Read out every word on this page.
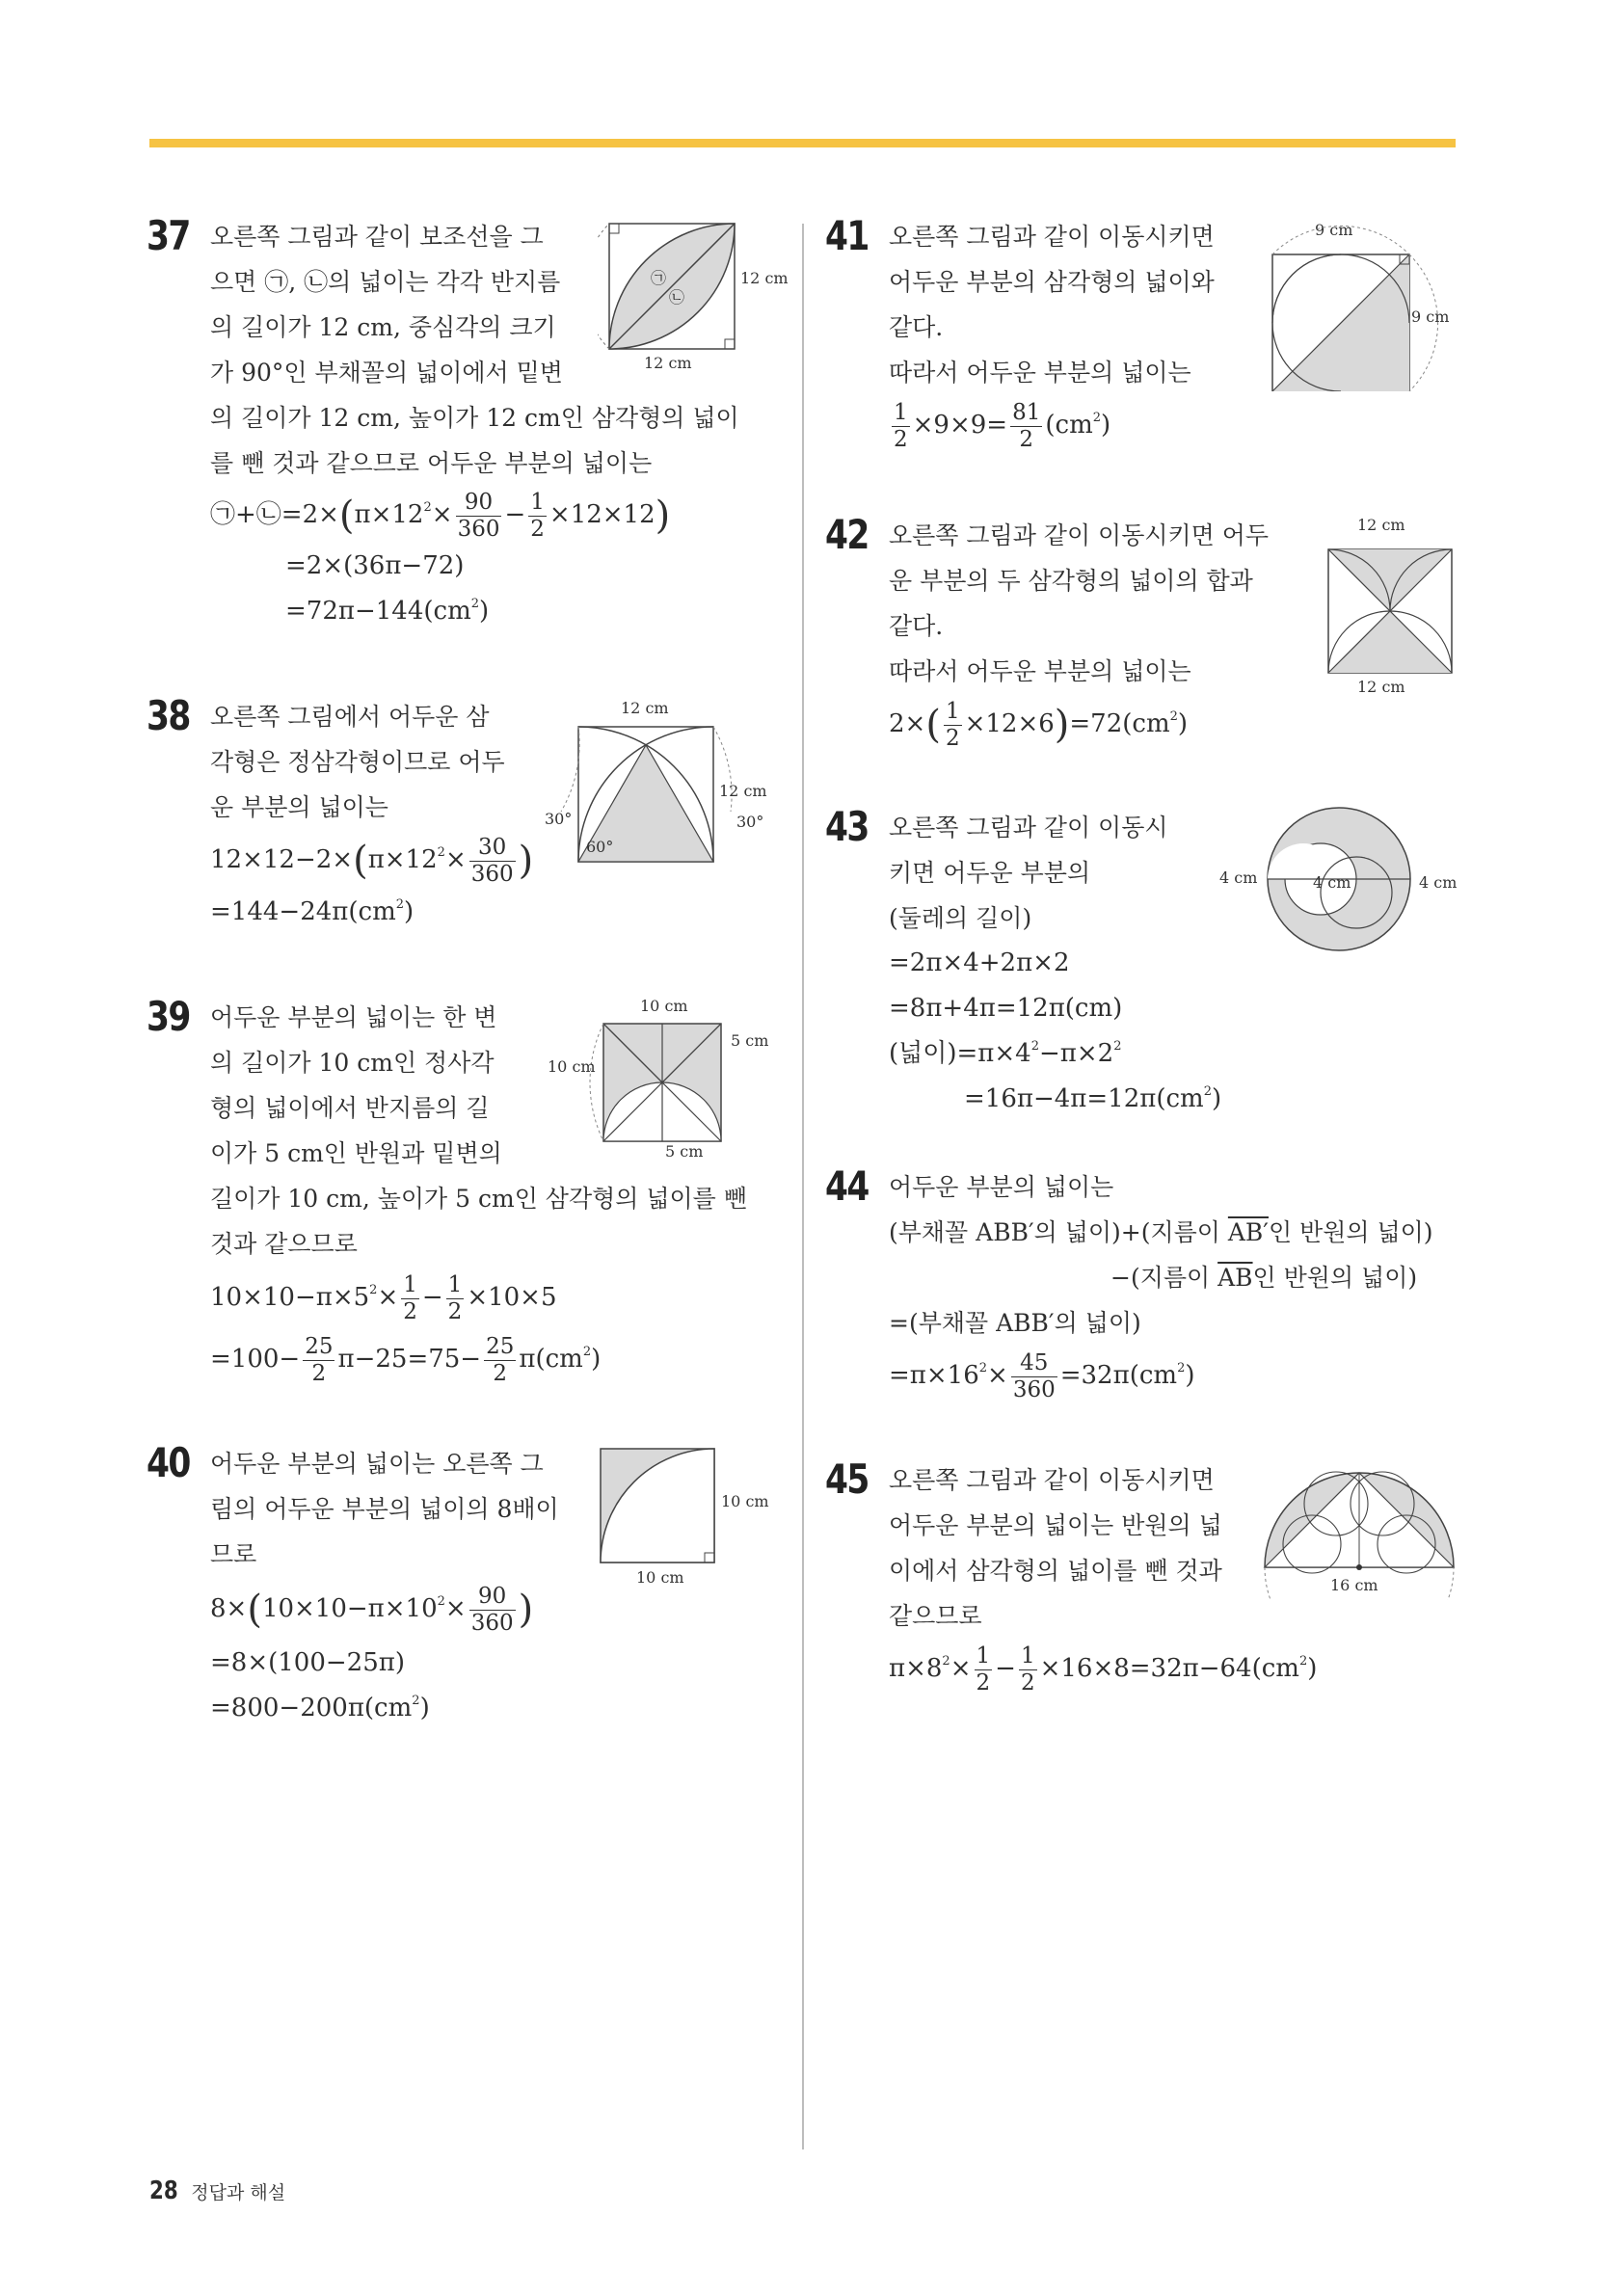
37 오른쪽 그림과 같이 보조선을 그
으면 ㉠, ㉡의 넓이는 각각 반지름
의 길이가 12 cm, 중심각의 크기
가 90°인 부채꼴의 넓이에서 밑변
의 길이가 12 cm, 높이가 12 cm인 삼각형의 넓이
를 뺀 것과 같으므로 어두운 부분의 넓이는
$㉠+㉡=2\times(\pi\times 12^2\times \frac{90}{360} - \frac{1}{2} \times 12\times 12)$
=2×(36π−72)
$=72\pi-144(cm^2)$
㉠
㉡
12 cm
12 cm
38 오른쪽 그림에서 어두운 삼
각형은 정삼각형이므로 어두
운 부분의 넓이는
$12\times 12-2\times(\pi\times 12^2\times \frac{30}{360}$ )
$=144-24\pi(cm^2)$
12 cm
12 cm
30°	30°
60°
39 어두운 부분의 넓이는 한 변
의 길이가 10 cm인 정사각
형의 넓이에서 반지름의 길
이가 5 cm인 반원과 밑변의
길이가 10 cm, 높이가 5 cm인 삼각형의 넓이를 뺀
것과 같으므로
$10\times 10-\pi\times 5^2\times \frac{1}{2} - \frac{1}{2} \times 10\times 5$
$=100- \frac{25}{2} \pi-25=75- \frac{25}{2} \pi(cm^2)$
10 cm
10 cm
5 cm
5 cm
40 어두운 부분의 넓이는 오른쪽 그
림의 어두운 부분의 넓이의 8배이
므로
$8\times(10\times 10-\pi\times 10^2\times \frac{90}{360}$ )
=8×(100−25π)
$=800-200\pi(cm^2)$
10 cm
10 cm
41 오른쪽 그림과 같이 이동시키면
어두운 부분의 삼각형의 넓이와
같다.
따라서 어두운 부분의 넓이는
$\frac{1}{2} \times 9\times 9= \frac{81}{2} (cm^2)$
9 cm
9 cm
42 오른쪽 그림과 같이 이동시키면 어두
운 부분의 두 삼각형의 넓이의 합과
같다.
따라서 어두운 부분의 넓이는
$2\times( \frac{1}{2} \times 12\times 6)=72(cm^2)$
12 cm
12 cm
43 오른쪽 그림과 같이 이동시
키면 어두운 부분의
(둘레의 길이)
=2π×4+2π×2
=8π+4π=12π(cm)
(넓이)$=\pi\times 4^2-\pi\times 2^2$
$=16\pi-4\pi=12\pi(cm^2)$
4 cm	4 cm	4 cm
44 어두운 부분의 넓이는
(부채꼴 ABB′의 넓이)+(지름이 AB′인 반원의 넓이)
−(지름이 $\overline{AB}$인 반원의 넓이)
=(부채꼴 ABB′의 넓이)
$=\pi\times 16^2\times \frac{45}{360} =32\pi(cm^2)$
45 오른쪽 그림과 같이 이동시키면
어두운 부분의 넓이는 반원의 넓
이에서 삼각형의 넓이를 뺀 것과
같으므로
$\pi\times 8^2\times \frac{1}{2} - \frac{1}{2} \times 16\times 8=32\pi-64(cm^2)$
16 cm
28 정답과 해설
